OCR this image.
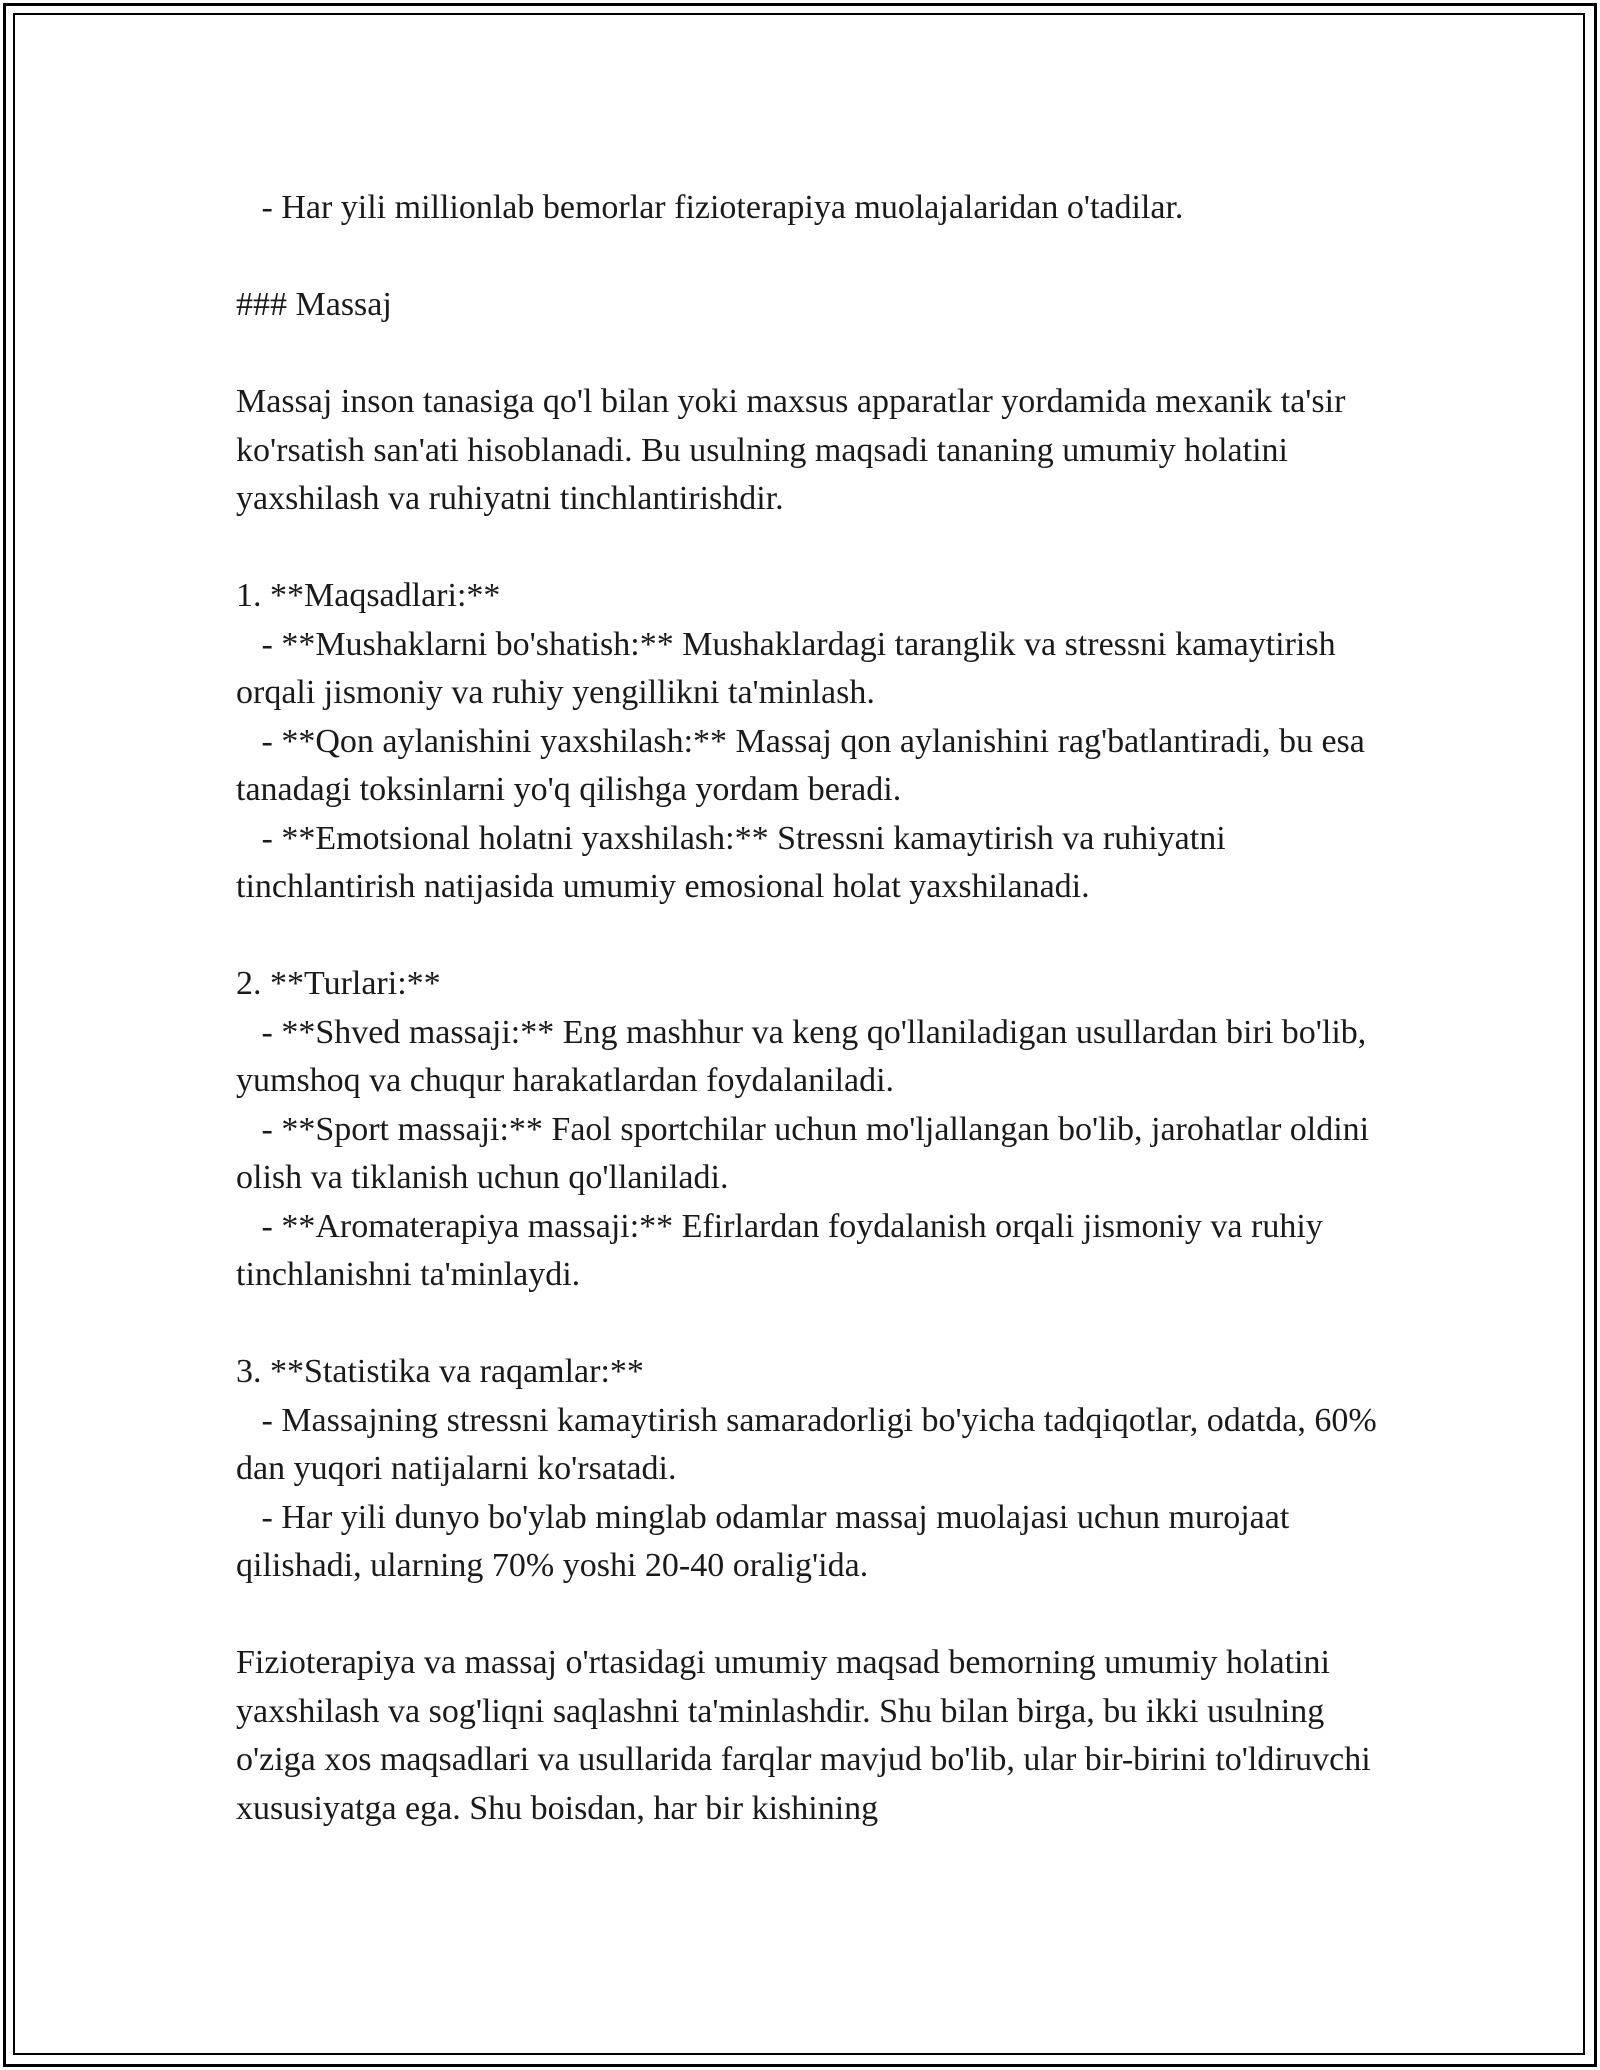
- Har yili millionlab bemorlar fizioterapiya muolajalaridan o'tadilar.

### Massaj

Massaj inson tanasiga qo'l bilan yoki maxsus apparatlar yordamida mexanik ta'sir ko'rsatish san'ati hisoblanadi. Bu usulning maqsadi tananing umumiy holatini yaxshilash va ruhiyatni tinchlantirishdir.

1. **Maqsadlari:**

- **Mushaklarni bo'shatish:** Mushaklardagi taranglik va stressni kamaytirish orqali jismoniy va ruhiy yengillikni ta'minlash.

- **Qon aylanishini yaxshilash:** Massaj qon aylanishini rag'batlantiradi, bu esa tanadagi toksinlarni yo'q qilishga yordam beradi.

- **Emotsional holatni yaxshilash:** Stressni kamaytirish va ruhiyatni tinchlantirish natijasida umumiy emosional holat yaxshilanadi.

2. **Turlari:**

- **Shved massaji:** Eng mashhur va keng qo'llaniladigan usullardan biri bo'lib, yumshoq va chuqur harakatlardan foydalaniladi.

- **Sport massaji:** Faol sportchilar uchun mo'ljallangan bo'lib, jarohatlar oldini olish va tiklanish uchun qo'llaniladi.

- **Aromaterapiya massaji:** Efirlardan foydalanish orqali jismoniy va ruhiy tinchlanishni ta'minlaydi.

3. **Statistika va raqamlar:**

- Massajning stressni kamaytirish samaradorligi bo'yicha tadqiqotlar, odatda, 60% dan yuqori natijalarni ko'rsatadi.

- Har yili dunyo bo'ylab minglab odamlar massaj muolajasi uchun murojaat qilishadi, ularning 70% yoshi 20-40 oralig'ida.

Fizioterapiya va massaj o'rtasidagi umumiy maqsad bemorning umumiy holatini yaxshilash va sog'liqni saqlashni ta'minlashdir. Shu bilan birga, bu ikki usulning o'ziga xos maqsadlari va usullarida farqlar mavjud bo'lib, ular bir-birini to'ldiruvchi xususiyatga ega. Shu boisdan, har bir kishining
